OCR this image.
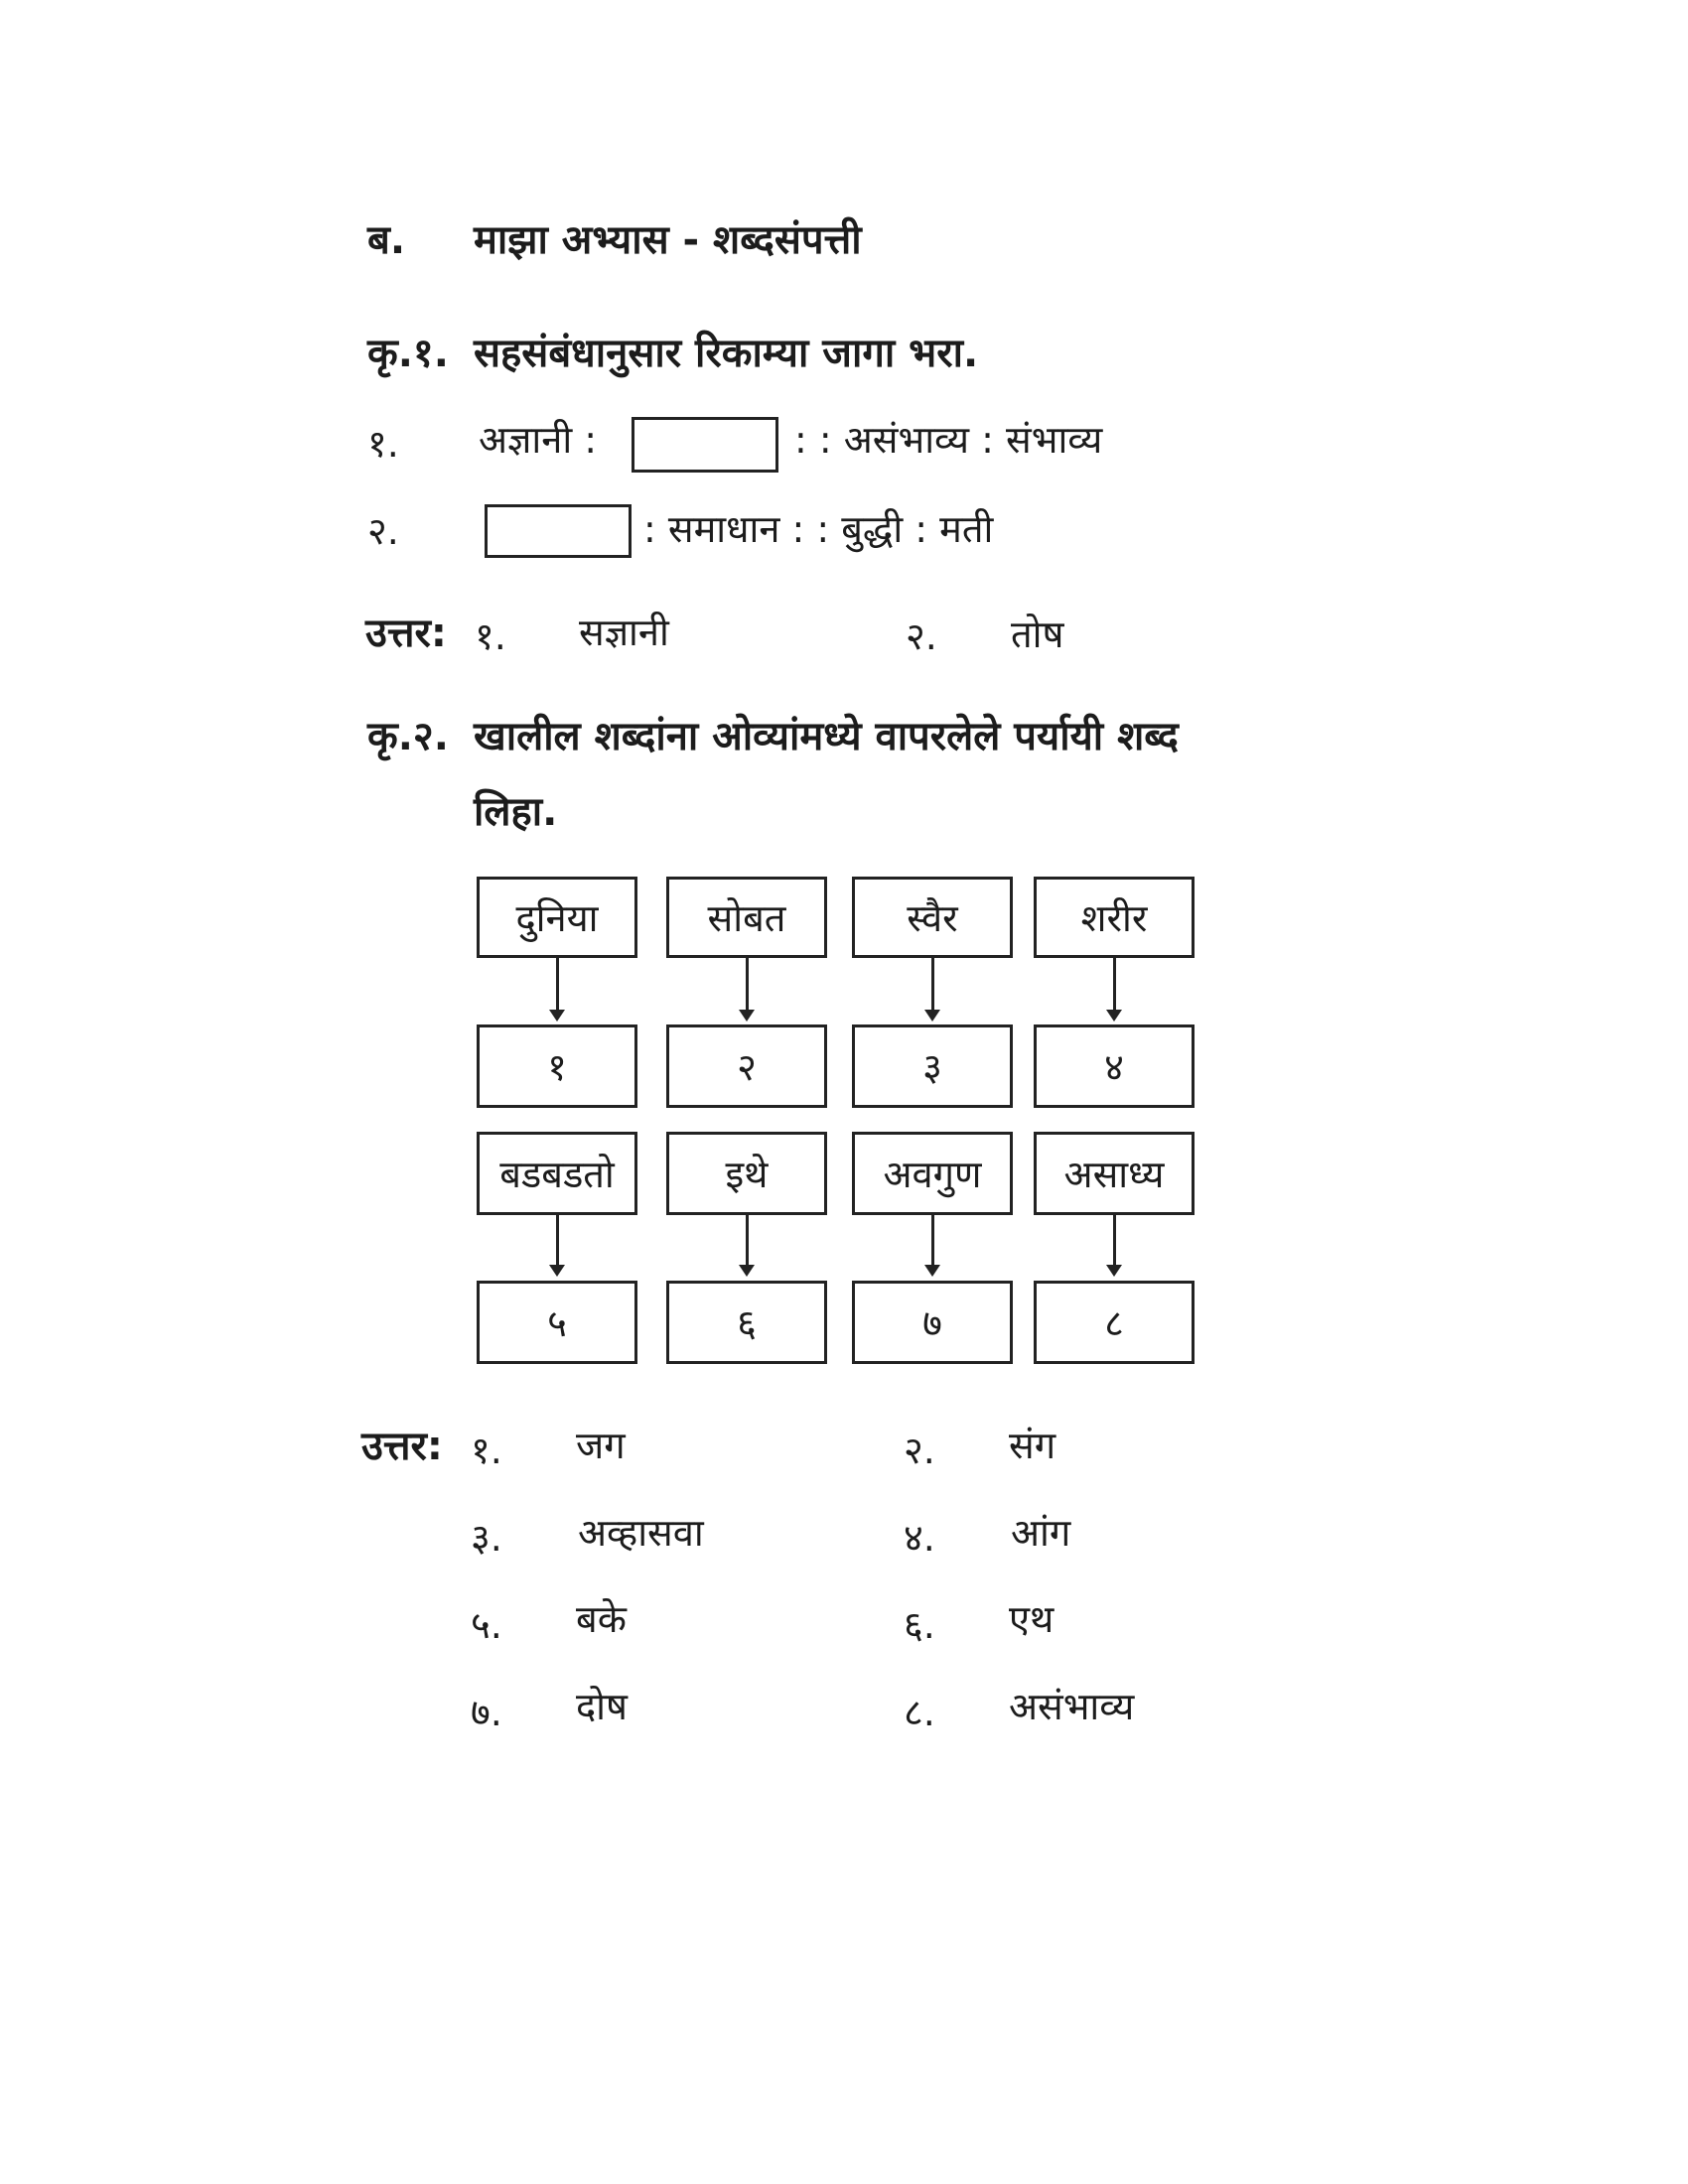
ब. माझा अभ्यास - शब्दसंपत्ती
कृ.१. सहसंबंधानुसार रिकाम्या जागा भरा.
१. अज्ञानी :	: : असंभाव्य : संभाव्य
२.	: समाधान : : बुद्धी : मती
उत्तर: १. सज्ञानी	२. तोष
कृ.२. खालील शब्दांना ओव्यांमध्ये वापरलेले पर्यायी शब्द
लिहा.
दुनिया	सोबत	स्वैर	शरीर
१	२	३	४
बडबडतो	इथे	अवगुण	असाध्य
५	६	७	८
उत्तर: १. जग	२. संग
३. अव्हासवा	४. आंग
५. बके	६. एथ
७. दोष	८. असंभाव्य
